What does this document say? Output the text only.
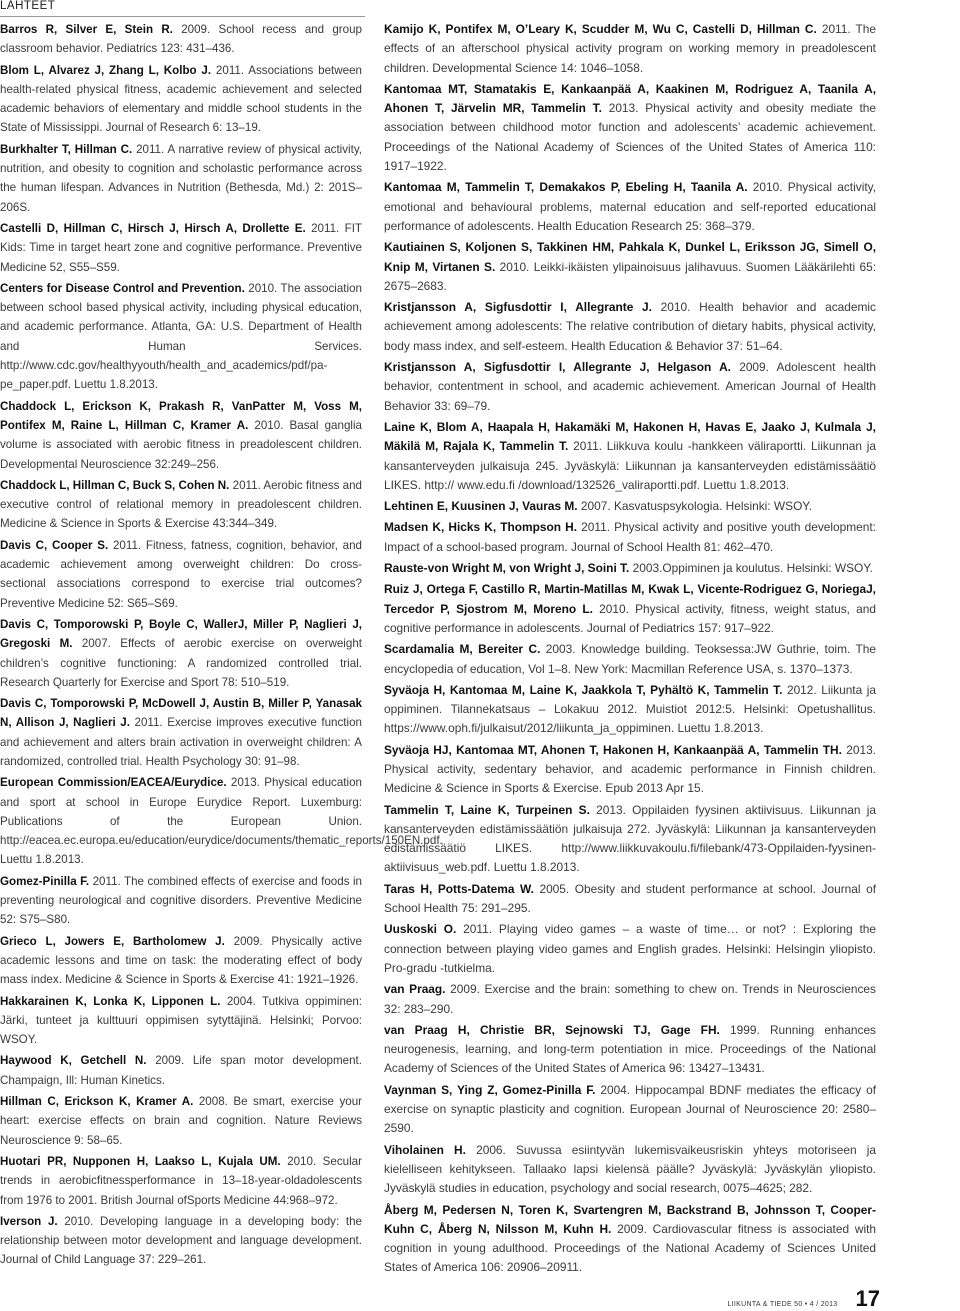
LÄHTEET

Barros R, Silver E, Stein R. 2009. School recess and group classroom behavior. Pediatrics 123: 431–436.

Blom L, Alvarez J, Zhang L, Kolbo J. 2011. Associations between health-related physical fitness, academic achievement and selected academic behaviors of elementary and middle school students in the State of Mississippi. Journal of Research 6: 13–19.

Burkhalter T, Hillman C. 2011. A narrative review of physical activity, nutrition, and obesity to cognition and scholastic performance across the human lifespan. Advances in Nutrition (Bethesda, Md.) 2: 201S–206S.

Castelli D, Hillman C, Hirsch J, Hirsch A, Drollette E. 2011. FIT Kids: Time in target heart zone and cognitive performance. Preventive Medicine 52, S55–S59.

Centers for Disease Control and Prevention. 2010. The association between school based physical activity, including physical education, and academic performance. Atlanta, GA: U.S. Department of Health and Human Services. http://www.cdc.gov/healthyyouth/health_and_academics/pdf/pa-pe_paper.pdf. Luettu 1.8.2013.

Chaddock L, Erickson K, Prakash R, VanPatter M, Voss M, Pontifex M, Raine L, Hillman C, Kramer A. 2010. Basal ganglia volume is associated with aerobic fitness in preadolescent children. Developmental Neuroscience 32:249–256.

Chaddock L, Hillman C, Buck S, Cohen N. 2011. Aerobic fitness and executive control of relational memory in preadolescent children. Medicine & Science in Sports & Exercise 43:344–349.

Davis C, Cooper S. 2011. Fitness, fatness, cognition, behavior, and academic achievement among overweight children: Do cross-sectional associations correspond to exercise trial outcomes? Preventive Medicine 52: S65–S69.

Davis C, Tomporowski P, Boyle C, WallerJ, Miller P, Naglieri J, Gregoski M. 2007. Effects of aerobic exercise on overweight children’s cognitive functioning: A randomized controlled trial. Research Quarterly for Exercise and Sport 78: 510–519.

Davis C, Tomporowski P, McDowell J, Austin B, Miller P, Yanasak N, Allison J, Naglieri J. 2011. Exercise improves executive function and achievement and alters brain activation in overweight children: A randomized, controlled trial. Health Psychology 30: 91–98.

European Commission/EACEA/Eurydice. 2013. Physical education and sport at school in Europe Eurydice Report. Luxemburg: Publications of the European Union. http://eacea.ec.europa.eu/education/eurydice/documents/thematic_reports/150EN.pdf. Luettu 1.8.2013.

Gomez-Pinilla F. 2011. The combined effects of exercise and foods in preventing neurological and cognitive disorders. Preventive Medicine 52: S75–S80.

Grieco L, Jowers E, Bartholomew J. 2009. Physically active academic lessons and time on task: the moderating effect of body mass index. Medicine & Science in Sports & Exercise 41: 1921–1926.

Hakkarainen K, Lonka K, Lipponen L. 2004. Tutkiva oppiminen: Järki, tunteet ja kulttuuri oppimisen sytyttäjinä. Helsinki; Porvoo: WSOY.

Haywood K, Getchell N. 2009. Life span motor development. Champaign, Ill: Human Kinetics.

Hillman C, Erickson K, Kramer A. 2008. Be smart, exercise your heart: exercise effects on brain and cognition. Nature Reviews Neuroscience 9: 58–65.

Huotari PR, Nupponen H, Laakso L, Kujala UM. 2010. Secular trends in aerobicfitnessperformance in 13–18-year-oldadolescents from 1976 to 2001. British Journal ofSports Medicine 44:968–972.

Iverson J. 2010. Developing language in a developing body: the relationship between motor development and language development. Journal of Child Language 37: 229–261.

Kamijo K, Pontifex M, O’Leary K, Scudder M, Wu C, Castelli D, Hillman C. 2011. The effects of an afterschool physical activity program on working memory in preadolescent children. Developmental Science 14: 1046–1058.

Kantomaa MT, Stamatakis E, Kankaanpää A, Kaakinen M, Rodriguez A, Taanila A, Ahonen T, Järvelin MR, Tammelin T. 2013. Physical activity and obesity mediate the association between childhood motor function and adolescents’ academic achievement. Proceedings of the National Academy of Sciences of the United States of America 110: 1917–1922.

Kantomaa M, Tammelin T, Demakakos P, Ebeling H, Taanila A. 2010. Physical activity, emotional and behavioural problems, maternal education and self-reported educational performance of adolescents. Health Education Research 25: 368–379.

Kautiainen S, Koljonen S, Takkinen HM, Pahkala K, Dunkel L, Eriksson JG, Simell O, Knip M, Virtanen S. 2010. Leikki-ikäisten ylipainoisuus jalihavuus. Suomen Lääkärilehti 65: 2675–2683.

Kristjansson A, Sigfusdottir I, Allegrante J. 2010. Health behavior and academic achievement among adolescents: The relative contribution of dietary habits, physical activity, body mass index, and self-esteem. Health Education & Behavior 37: 51–64.

Kristjansson A, Sigfusdottir I, Allegrante J, Helgason A. 2009. Adolescent health behavior, contentment in school, and academic achievement. American Journal of Health Behavior 33: 69–79.

Laine K, Blom A, Haapala H, Hakamäki M, Hakonen H, Havas E, Jaako J, Kulmala J, Mäkilä M, Rajala K, Tammelin T. 2011. Liikkuva koulu -hankkeen väliraportti. Liikunnan ja kansanterveyden julkaisuja 245. Jyväskylä: Liikunnan ja kansanterveyden edistämissäätiö LIKES. http:// www.edu.fi /download/132526_valiraportti.pdf. Luettu 1.8.2013.

Lehtinen E, Kuusinen J, Vauras M. 2007. Kasvatuspsykologia. Helsinki: WSOY.

Madsen K, Hicks K, Thompson H. 2011. Physical activity and positive youth development: Impact of a school-based program. Journal of School Health 81: 462–470.

Rauste-von Wright M, von Wright J, Soini T. 2003.Oppiminen ja koulutus. Helsinki: WSOY.

Ruiz J, Ortega F, Castillo R, Martin-Matillas M, Kwak L, Vicente-Rodriguez G, NoriegaJ, Tercedor P, Sjostrom M, Moreno L. 2010. Physical activity, fitness, weight status, and cognitive performance in adolescents. Journal of Pediatrics 157: 917–922.

Scardamalia M, Bereiter C. 2003. Knowledge building. Teoksessa:JW Guthrie, toim. The encyclopedia of education, Vol 1–8. New York: Macmillan Reference USA, s. 1370–1373.

Syväoja H, Kantomaa M, Laine K, Jaakkola T, Pyhältö K, Tammelin T. 2012. Liikunta ja oppiminen. Tilannekatsaus – Lokakuu 2012. Muistiot 2012:5. Helsinki: Opetushallitus. https://www.oph.fi/julkaisut/2012/liikunta_ja_oppiminen. Luettu 1.8.2013.

Syväoja HJ, Kantomaa MT, Ahonen T, Hakonen H, Kankaanpää A, Tammelin TH. 2013. Physical activity, sedentary behavior, and academic performance in Finnish children. Medicine & Science in Sports & Exercise. Epub 2013 Apr 15.

Tammelin T, Laine K, Turpeinen S. 2013. Oppilaiden fyysinen aktiivisuus. Liikunnan ja kansanterveyden edistämissäätiön julkaisuja 272. Jyväskylä: Liikunnan ja kansanterveyden edistämissäätiö LIKES. http://www.liikkuvakoulu.fi/filebank/473-Oppilaiden-fyysinen-aktiivisuus_web.pdf. Luettu 1.8.2013.

Taras H, Potts-Datema W. 2005. Obesity and student performance at school. Journal of School Health 75: 291–295.

Uuskoski O. 2011. Playing video games – a waste of time… or not? : Exploring the connection between playing video games and English grades. Helsinki: Helsingin yliopisto. Pro-gradu -tutkielma.

van Praag. 2009. Exercise and the brain: something to chew on. Trends in Neurosciences 32: 283–290.

van Praag H, Christie BR, Sejnowski TJ, Gage FH. 1999. Running enhances neurogenesis, learning, and long-term potentiation in mice. Proceedings of the National Academy of Sciences of the United States of America 96: 13427–13431.

Vaynman S, Ying Z, Gomez-Pinilla F. 2004. Hippocampal BDNF mediates the efficacy of exercise on synaptic plasticity and cognition. European Journal of Neuroscience 20: 2580–2590.

Viholainen H. 2006. Suvussa esiintyvän lukemisvaikeusriskin yhteys motoriseen ja kielelliseen kehitykseen. Tallaako lapsi kielensä päälle? Jyväskylä: Jyväskylän yliopisto. Jyväskylä studies in education, psychology and social research, 0075–4625; 282.

Åberg M, Pedersen N, Toren K, Svartengren M, Backstrand B, Johnsson T, Cooper-Kuhn C, Åberg N, Nilsson M, Kuhn H. 2009. Cardiovascular fitness is associated with cognition in young adulthood. Proceedings of the National Academy of Sciences United States of America 106: 20906–20911.

LIIKUNTA & TIEDE 50 • 4 / 2013 17
